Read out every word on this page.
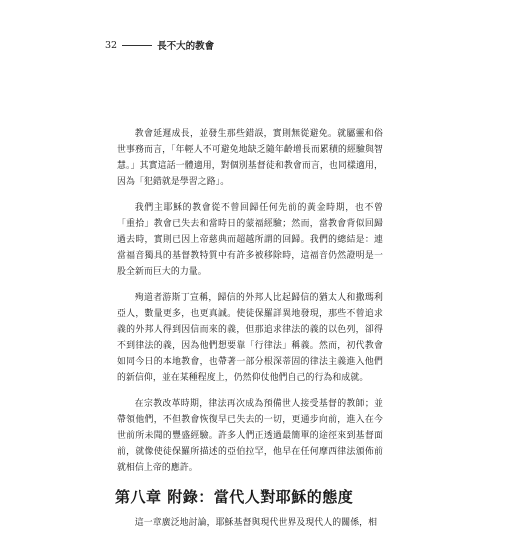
32	長不大的教會

教會延遲成長，並發生那些錯誤，實則無從避免。就屬靈和俗世事務而言，「年輕人不可避免地缺乏隨年齡增長而累積的經驗與智慧。」其實這話一體適用，對個別基督徒和教會而言，也同樣適用，因為「犯錯就是學習之路」。

我們主耶穌的教會從不曾回歸任何先前的黃金時期，也不曾「重拾」教會已失去和當時日的蒙福經驗；然而，當教會背似回歸過去時，實則已因上帝慈典而超越所謂的回歸。我們的總結是：連當福音獨具的基督教特質中有許多被移除時，這福音仍然證明是一股全新而巨大的力量。

殉道者游斯丁宣稱，歸信的外邦人比起歸信的猶太人和撒瑪利亞人，數量更多，也更真誠。使徒保羅詳異地發現，那些不曾追求義的外邦人得到因信而來的義，但那追求律法的義的以色列，卻得不到律法的義，因為他們想要靠「行律法」稱義。然而，初代教會如同今日的本地教會，也帶著一部分根深蒂固的律法主義進入他們的新信仰，並在某種程度上，仍然仰仗他們自己的行為和成就。

在宗教改革時期，律法再次成為預備世人接受基督的教師；並帶領他們，不但教會恢復早已失去的一切，更通步向前，進入在今世前所未聞的豐盛經驗。許多人們正透過最簡單的途徑來到基督面前，就像使徒保羅所描述的亞伯拉罕，他早在任何摩西律法頒佈前就相信上帝的應許。

第八章 附錄：當代人對耶穌的態度

這一章廣泛地討論，耶穌基督與現代世界及現代人的關係，相
